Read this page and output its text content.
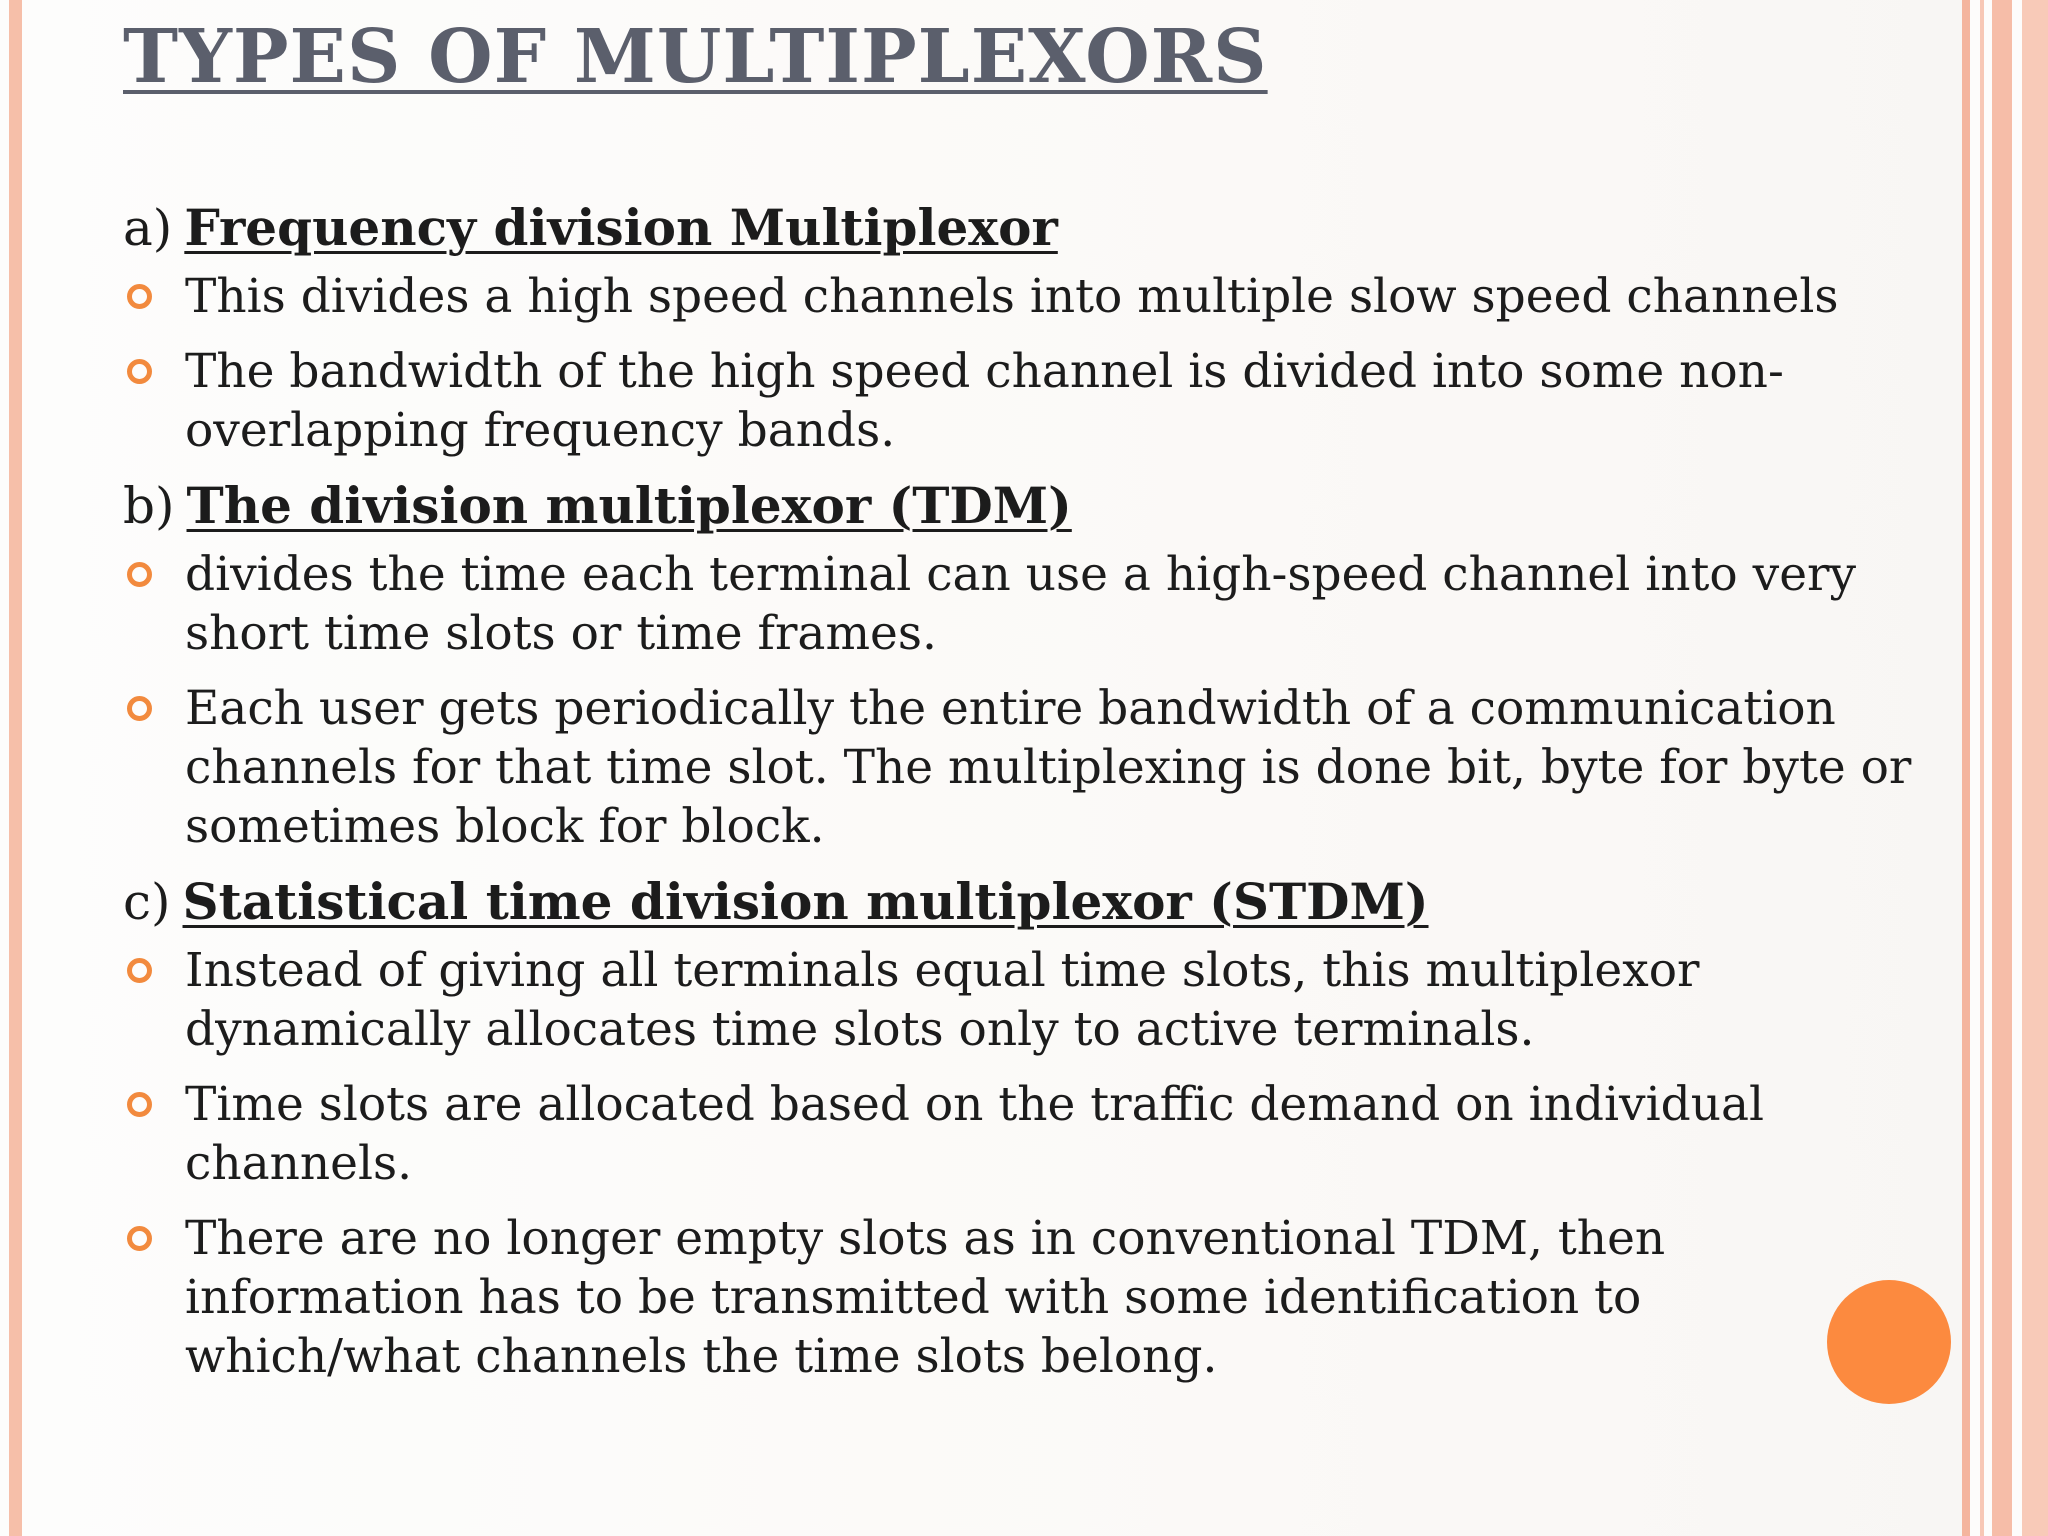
TYPES OF MULTIPLEXORS

a) Frequency division Multiplexor

This divides a high speed channels into multiple slow speed channels
The bandwidth of the high speed channel is divided into some non-overlapping frequency bands.

b) The division multiplexor (TDM)

divides the time each terminal can use a high-speed channel into very short time slots or time frames.
Each user gets periodically the entire bandwidth of a communication channels for that time slot. The multiplexing is done bit, byte for byte or sometimes block for block.

c) Statistical time division multiplexor (STDM)

Instead of giving all terminals equal time slots, this multiplexor dynamically allocates time slots only to active terminals.
Time slots are allocated based on the traffic demand on individual channels.
There are no longer empty slots as in conventional TDM, then information has to be transmitted with some identification to which/what channels the time slots belong.
